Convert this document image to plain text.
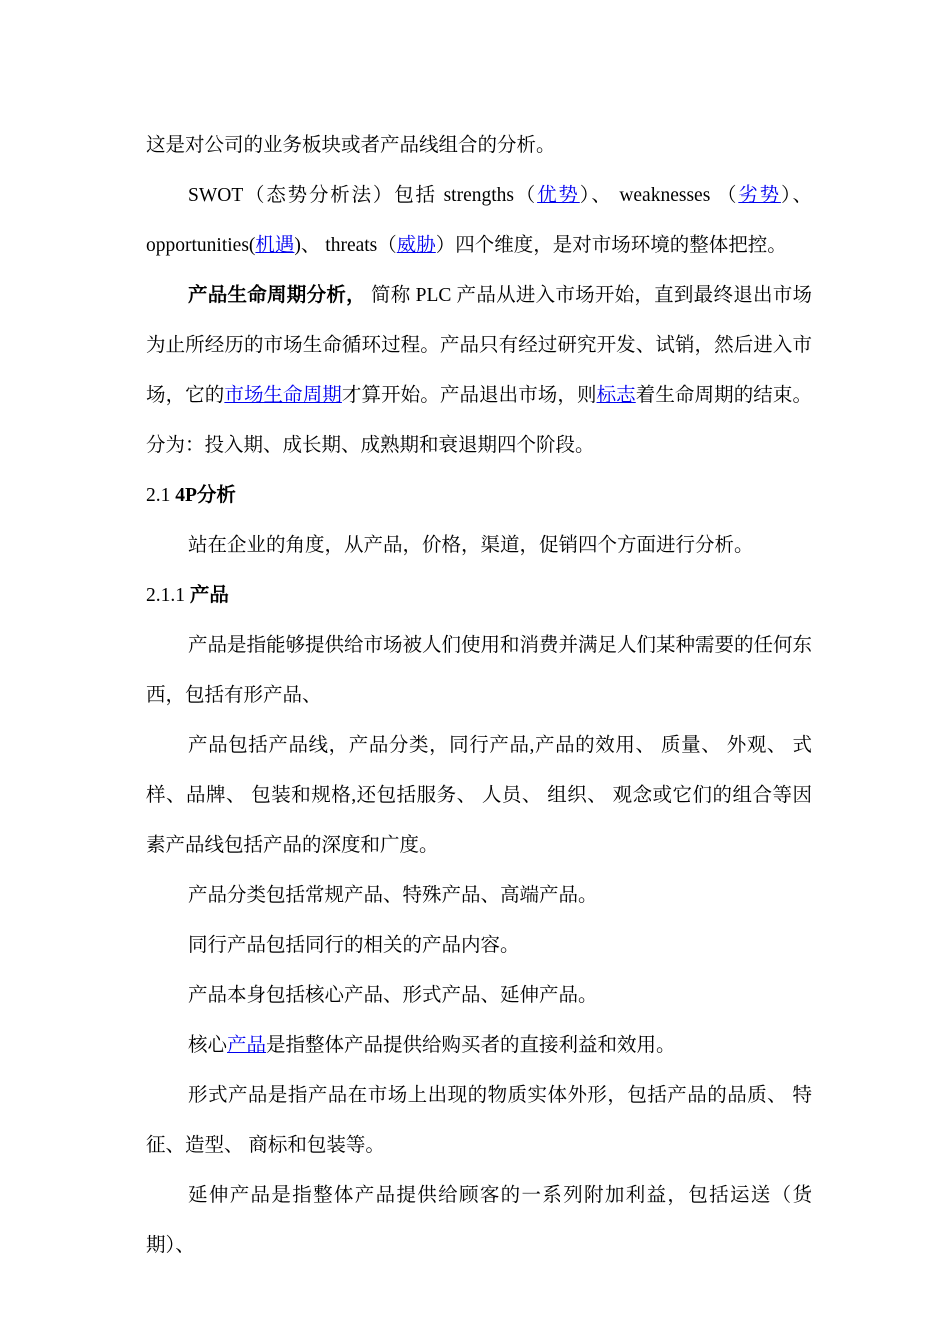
这是对公司的业务板块或者产品线组合的分析。

SWOT（态势分析法）包括 strengths（优势）、 weaknesses （劣势）、opportunities(机遇)、 threats（威胁）四个维度，是对市场环境的整体把控。

产品生命周期分析， 简称 PLC 产品从进入市场开始，直到最终退出市场为止所经历的市场生命循环过程。产品只有经过研究开发、试销，然后进入市场，它的市场生命周期才算开始。产品退出市场，则标志着生命周期的结束。分为：投入期、成长期、成熟期和衰退期四个阶段。

2.1 4P分析

站在企业的角度，从产品，价格，渠道，促销四个方面进行分析。

2.1.1 产品

产品是指能够提供给市场被人们使用和消费并满足人们某种需要的任何东西，包括有形产品、

产品包括产品线，产品分类，同行产品,产品的效用、 质量、 外观、 式样、品牌、 包装和规格,还包括服务、 人员、 组织、 观念或它们的组合等因素产品线包括产品的深度和广度。

产品分类包括常规产品、特殊产品、高端产品。

同行产品包括同行的相关的产品内容。

产品本身包括核心产品、形式产品、延伸产品。

核心产品是指整体产品提供给购买者的直接利益和效用。

形式产品是指产品在市场上出现的物质实体外形，包括产品的品质、 特征、造型、 商标和包装等。

延伸产品是指整体产品提供给顾客的一系列附加利益，包括运送（货期）、
